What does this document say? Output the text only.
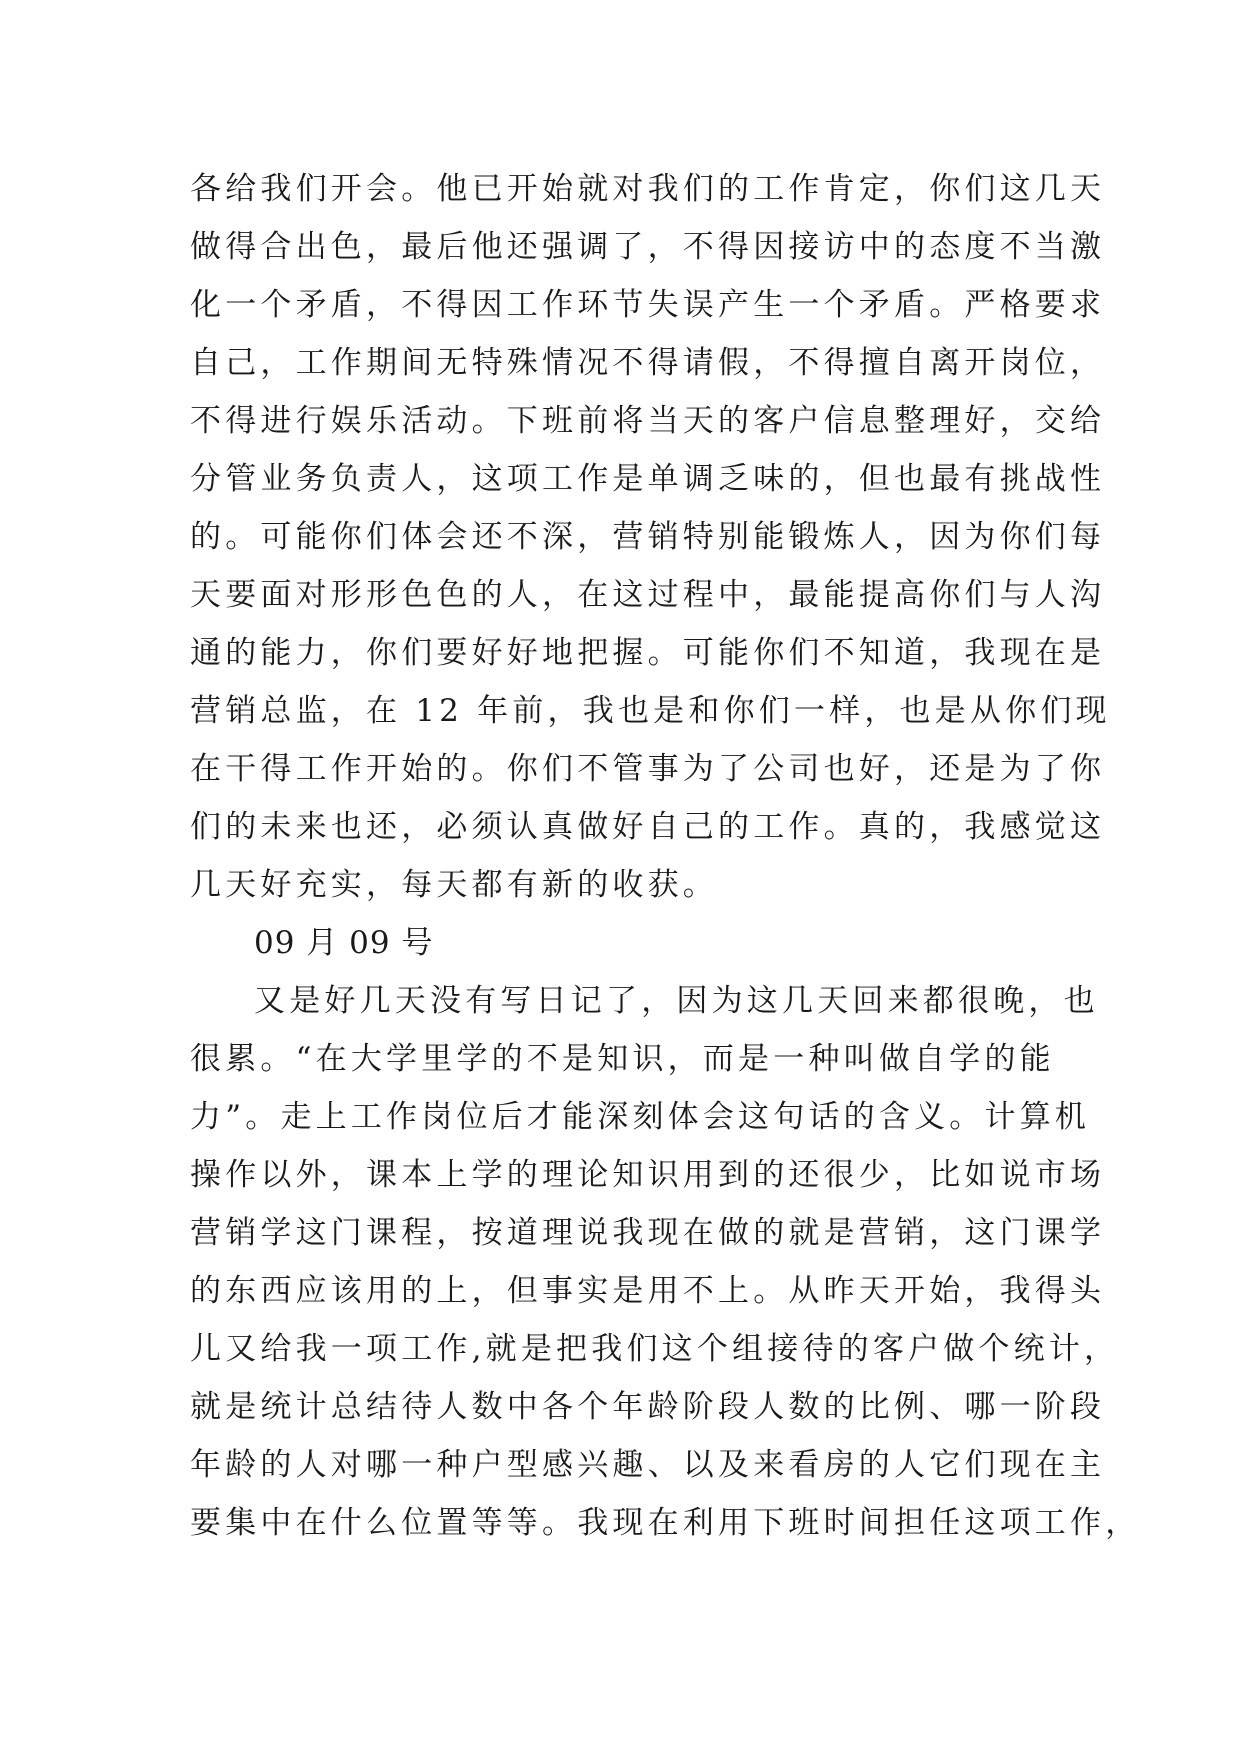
各给我们开会。他已开始就对我们的工作肯定，你们这几天
做得合出色，最后他还强调了，不得因接访中的态度不当激
化一个矛盾，不得因工作环节失误产生一个矛盾。严格要求
自己，工作期间无特殊情况不得请假，不得擅自离开岗位，
不得进行娱乐活动。下班前将当天的客户信息整理好，交给
分管业务负责人，这项工作是单调乏味的，但也最有挑战性
的。可能你们体会还不深，营销特别能锻炼人，因为你们每
天要面对形形色色的人，在这过程中，最能提高你们与人沟
通的能力，你们要好好地把握。可能你们不知道，我现在是
营销总监，在 12 年前，我也是和你们一样，也是从你们现
在干得工作开始的。你们不管事为了公司也好，还是为了你
们的未来也还，必须认真做好自己的工作。真的，我感觉这
几天好充实，每天都有新的收获。
09 月 09 号
又是好几天没有写日记了，因为这几天回来都很晚，也
很累。“在大学里学的不是知识，而是一种叫做自学的能
力”。走上工作岗位后才能深刻体会这句话的含义。计算机
操作以外，课本上学的理论知识用到的还很少，比如说市场
营销学这门课程，按道理说我现在做的就是营销，这门课学
的东西应该用的上，但事实是用不上。从昨天开始，我得头
儿又给我一项工作,就是把我们这个组接待的客户做个统计，
就是统计总结待人数中各个年龄阶段人数的比例、哪一阶段
年龄的人对哪一种户型感兴趣、以及来看房的人它们现在主
要集中在什么位置等等。我现在利用下班时间担任这项工作，
